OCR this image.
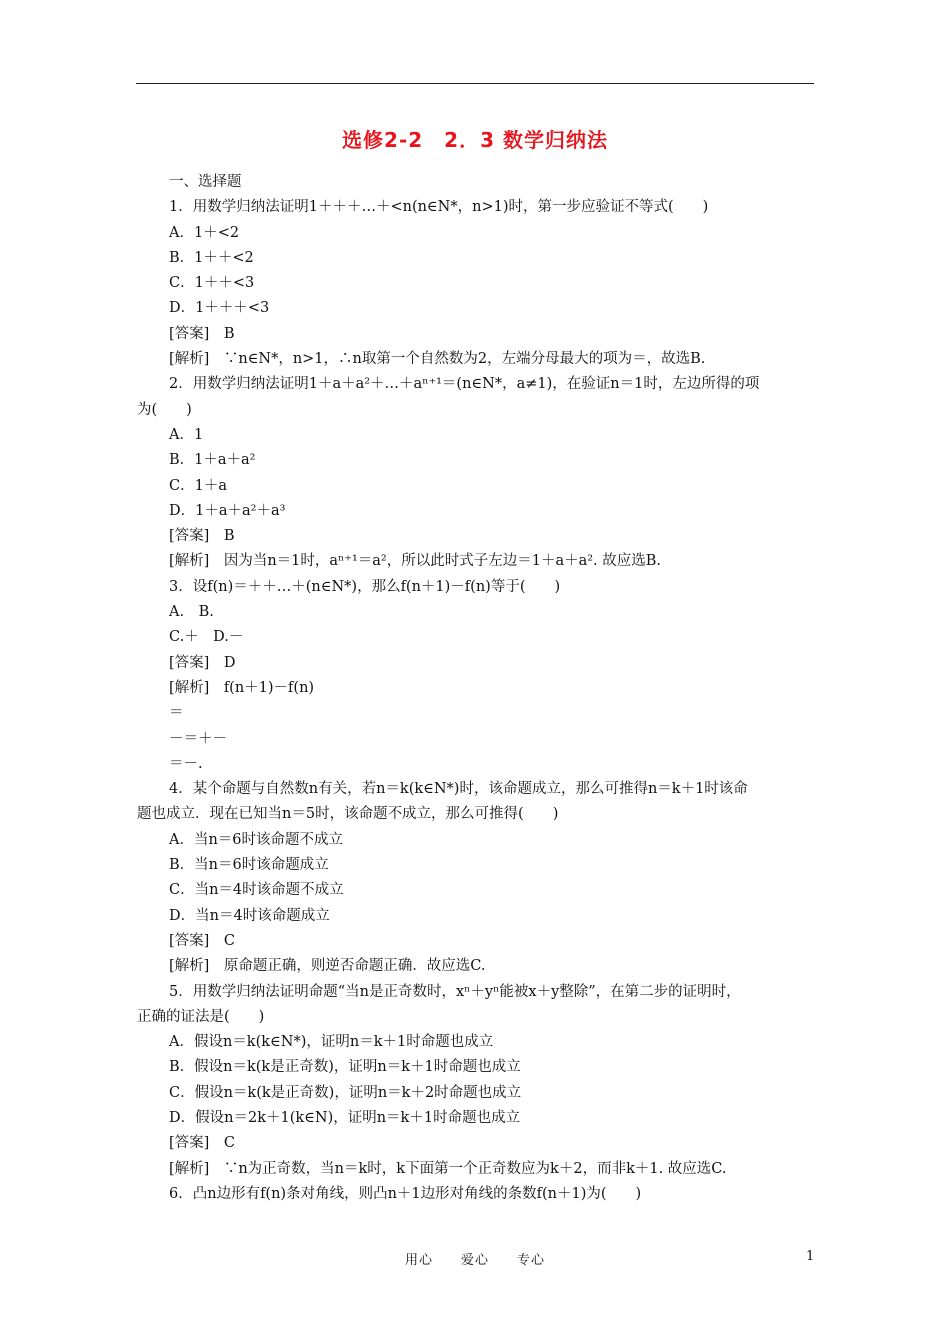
选修2-2　2．3 数学归纳法
一、选择题
1．用数学归纳法证明1＋＋＋…＋<n(n∈N*，n>1)时，第一步应验证不等式(　　)
A．1＋<2
B．1＋＋<2
C．1＋＋<3
D．1＋＋＋<3
[答案]　B
[解析]　∵n∈N*，n>1，∴n取第一个自然数为2，左端分母最大的项为＝，故选B.
2．用数学归纳法证明1＋a＋a²＋…＋aⁿ⁺¹＝(n∈N*，a≠1)，在验证n＝1时，左边所得的项
为(　　)
A．1
B．1＋a＋a²
C．1＋a
D．1＋a＋a²＋a³
[答案]　B
[解析]　因为当n＝1时，aⁿ⁺¹＝a²，所以此时式子左边＝1＋a＋a². 故应选B.
3．设f(n)＝＋＋…＋(n∈N*)，那么f(n＋1)－f(n)等于(　　)
A.　B.
C.＋　D.－
[答案]　D
[解析]　f(n＋1)－f(n)
＝
－＝＋－
＝－.
4．某个命题与自然数n有关，若n＝k(k∈N*)时，该命题成立，那么可推得n＝k＋1时该命
题也成立．现在已知当n＝5时，该命题不成立，那么可推得(　　)
A．当n＝6时该命题不成立
B．当n＝6时该命题成立
C．当n＝4时该命题不成立
D．当n＝4时该命题成立
[答案]　C
[解析]　原命题正确，则逆否命题正确．故应选C.
5．用数学归纳法证明命题“当n是正奇数时，xⁿ＋yⁿ能被x＋y整除”，在第二步的证明时，
正确的证法是(　　)
A．假设n＝k(k∈N*)，证明n＝k＋1时命题也成立
B．假设n＝k(k是正奇数)，证明n＝k＋1时命题也成立
C．假设n＝k(k是正奇数)，证明n＝k＋2时命题也成立
D．假设n＝2k＋1(k∈N)，证明n＝k＋1时命题也成立
[答案]　C
[解析]　∵n为正奇数，当n＝k时，k下面第一个正奇数应为k＋2，而非k＋1. 故应选C.
6．凸n边形有f(n)条对角线，则凸n＋1边形对角线的条数f(n＋1)为(　　)
用心　　爱心　　专心	1
